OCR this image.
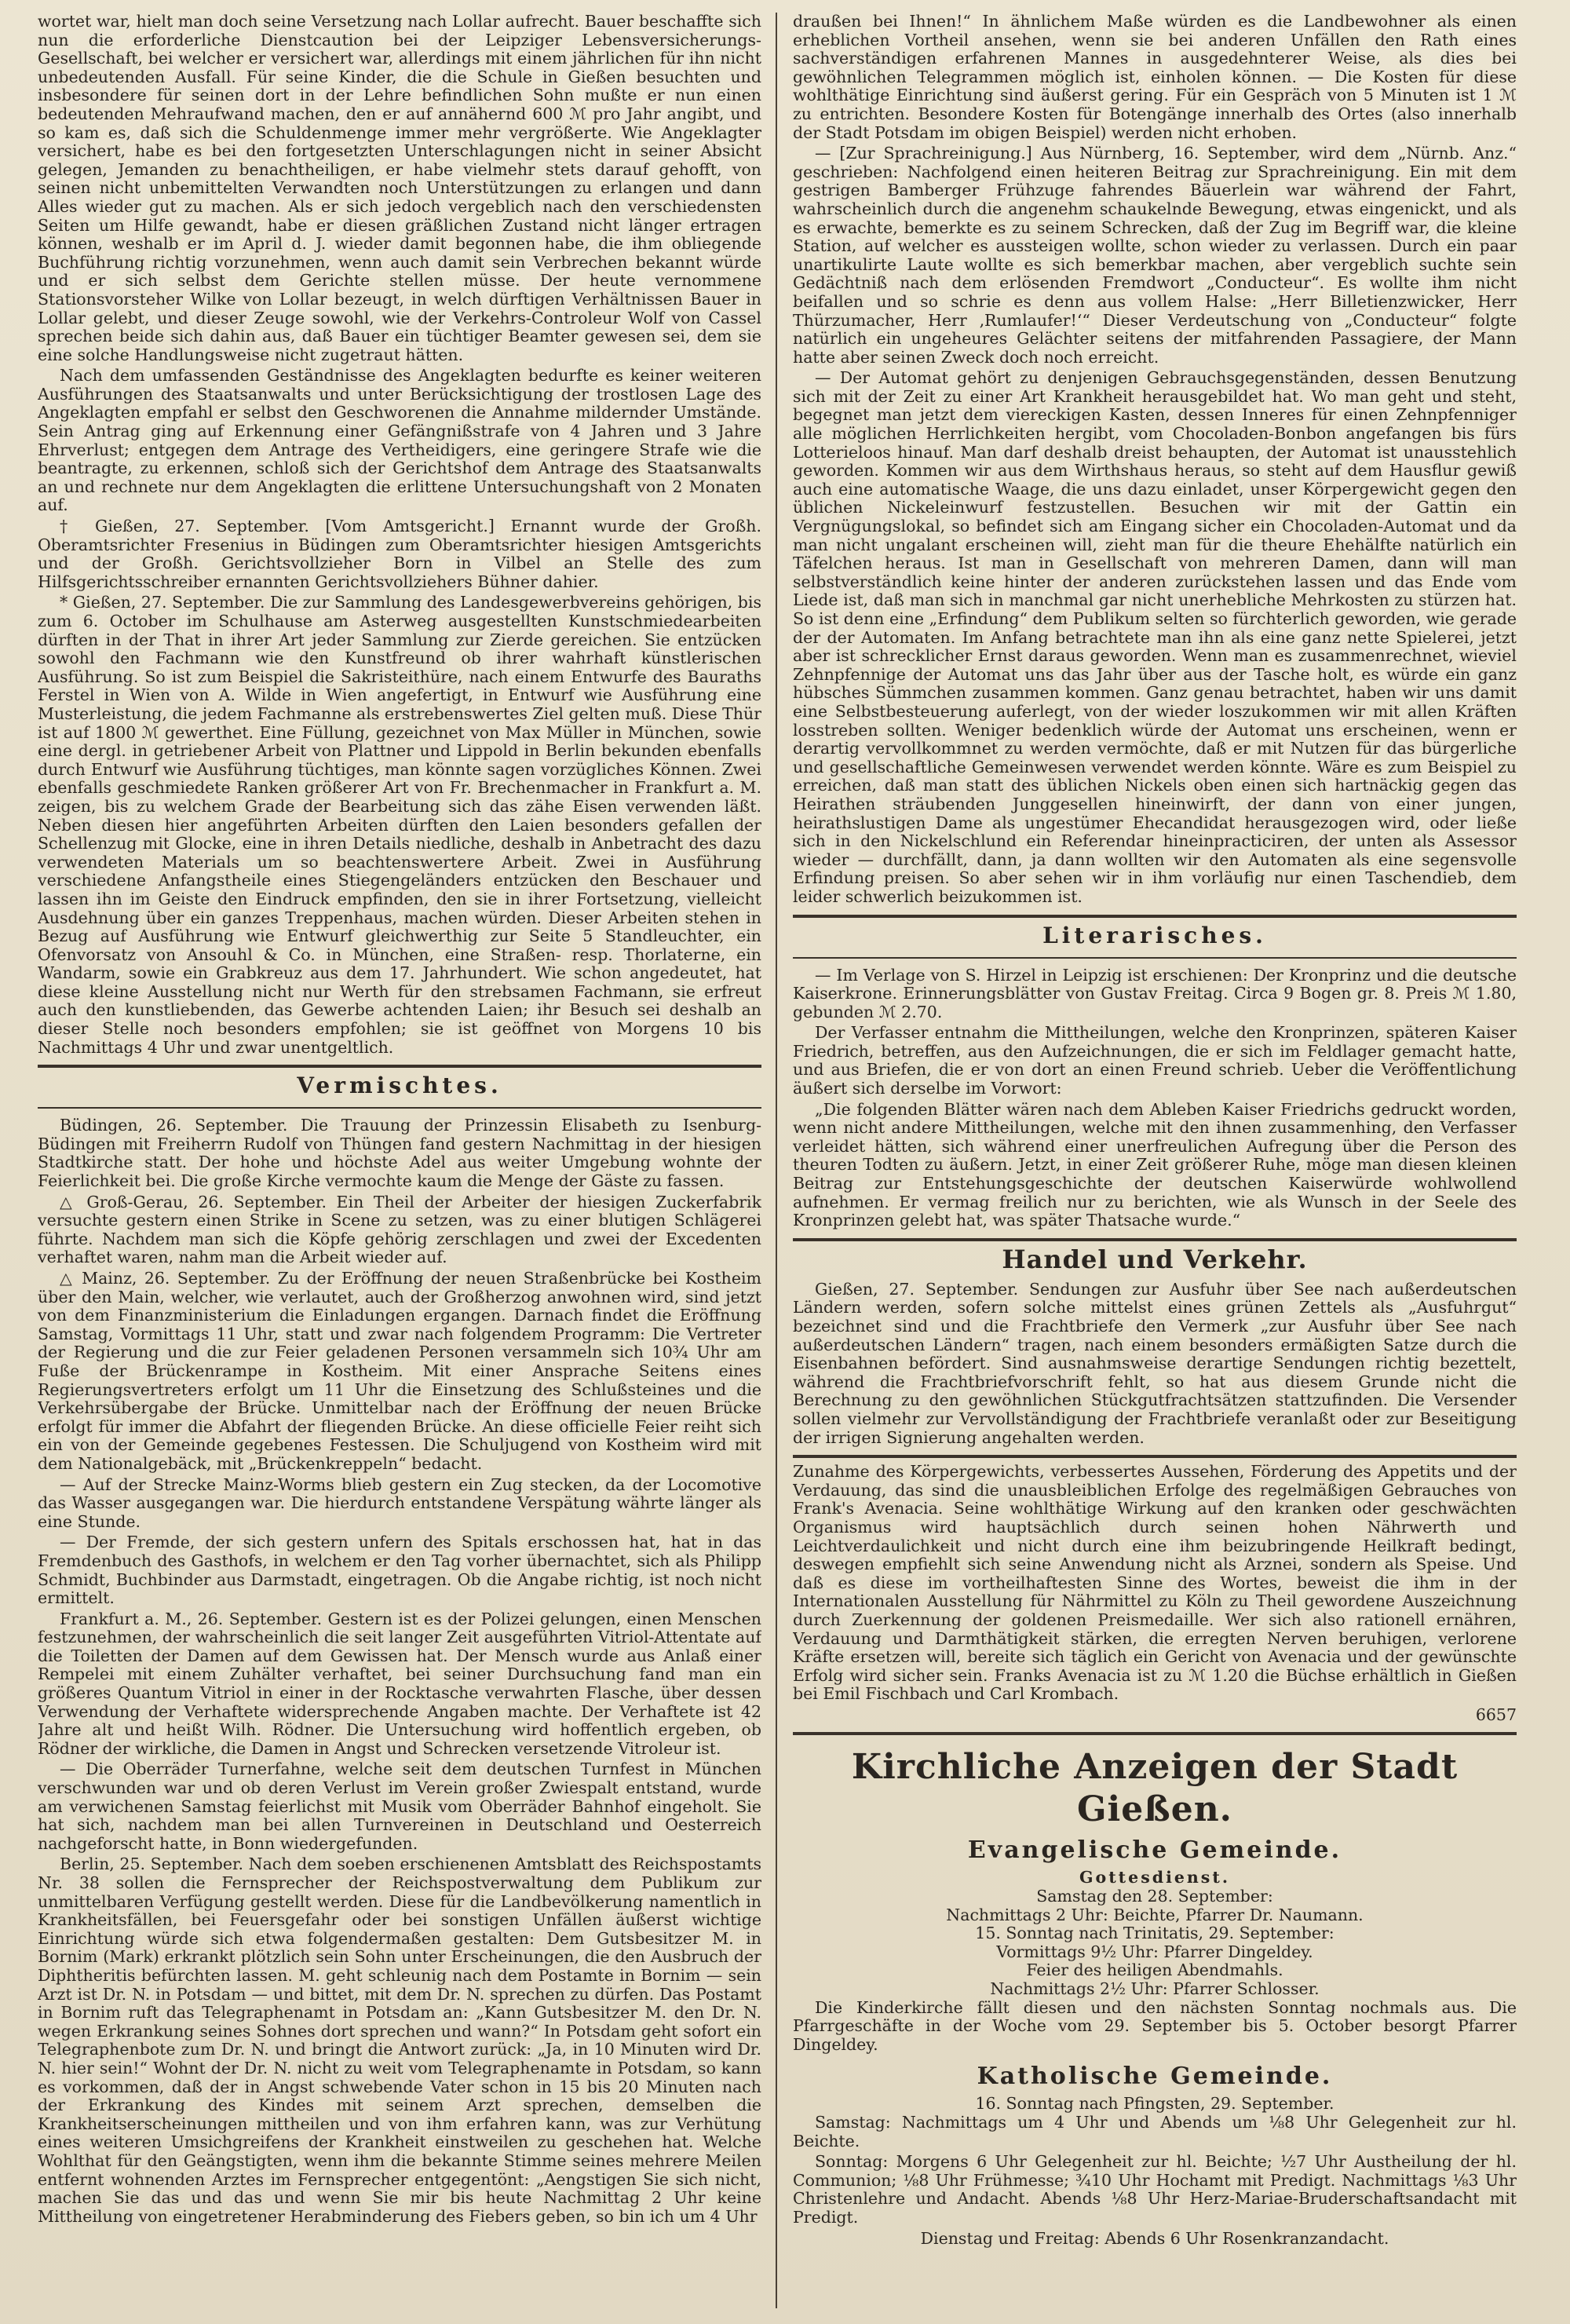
wortet war, hielt man doch seine Versetzung nach Lollar aufrecht. Bauer beschaffte sich nun die erforderliche Dienstcaution bei der Leipziger Lebensversicherungs-Gesellschaft, bei welcher er versichert war, allerdings mit einem jährlichen für ihn nicht unbedeutenden Ausfall. Für seine Kinder, die die Schule in Gießen besuchten und insbesondere für seinen dort in der Lehre befindlichen Sohn mußte er nun einen bedeutenden Mehraufwand machen, den er auf annähernd 600 ℳ pro Jahr angibt, und so kam es, daß sich die Schuldenmenge immer mehr vergrößerte. Wie Angeklagter versichert, habe es bei den fortgesetzten Unterschlagungen nicht in seiner Absicht gelegen, Jemanden zu benachtheiligen, er habe vielmehr stets darauf gehofft, von seinen nicht unbemittelten Verwandten noch Unterstützungen zu erlangen und dann Alles wieder gut zu machen. Als er sich jedoch vergeblich nach den verschiedensten Seiten um Hilfe gewandt, habe er diesen gräßlichen Zustand nicht länger ertragen können, weshalb er im April d. J. wieder damit begonnen habe, die ihm obliegende Buchführung richtig vorzunehmen, wenn auch damit sein Verbrechen bekannt würde und er sich selbst dem Gerichte stellen müsse. Der heute vernommene Stationsvorsteher Wilke von Lollar bezeugt, in welch dürftigen Verhältnissen Bauer in Lollar gelebt, und dieser Zeuge sowohl, wie der Verkehrs-Controleur Wolf von Cassel sprechen beide sich dahin aus, daß Bauer ein tüchtiger Beamter gewesen sei, dem sie eine solche Handlungsweise nicht zugetraut hätten.

Nach dem umfassenden Geständnisse des Angeklagten bedurfte es keiner weiteren Ausführungen des Staatsanwalts und unter Berücksichtigung der trostlosen Lage des Angeklagten empfahl er selbst den Geschworenen die Annahme mildernder Umstände. Sein Antrag ging auf Erkennung einer Gefängnißstrafe von 4 Jahren und 3 Jahre Ehrverlust; entgegen dem Antrage des Vertheidigers, eine geringere Strafe wie die beantragte, zu erkennen, schloß sich der Gerichtshof dem Antrage des Staatsanwalts an und rechnete nur dem Angeklagten die erlittene Untersuchungshaft von 2 Monaten auf.

† Gießen, 27. September. [Vom Amtsgericht.] Ernannt wurde der Großh. Oberamtsrichter Fresenius in Büdingen zum Oberamtsrichter hiesigen Amtsgerichts und der Großh. Gerichtsvollzieher Born in Vilbel an Stelle des zum Hilfsgerichtsschreiber ernannten Gerichtsvollziehers Bühner dahier.

* Gießen, 27. September. Die zur Sammlung des Landesgewerbvereins gehörigen, bis zum 6. October im Schulhause am Asterweg ausgestellten Kunstschmiedearbeiten dürften in der That in ihrer Art jeder Sammlung zur Zierde gereichen. Sie entzücken sowohl den Fachmann wie den Kunstfreund ob ihrer wahrhaft künstlerischen Ausführung. So ist zum Beispiel die Sakristeithüre, nach einem Entwurfe des Bauraths Ferstel in Wien von A. Wilde in Wien angefertigt, in Entwurf wie Ausführung eine Musterleistung, die jedem Fachmanne als erstrebenswertes Ziel gelten muß. Diese Thür ist auf 1800 ℳ gewerthet. Eine Füllung, gezeichnet von Max Müller in München, sowie eine dergl. in getriebener Arbeit von Plattner und Lippold in Berlin bekunden ebenfalls durch Entwurf wie Ausführung tüchtiges, man könnte sagen vorzügliches Können. Zwei ebenfalls geschmiedete Ranken größerer Art von Fr. Brechenmacher in Frankfurt a. M. zeigen, bis zu welchem Grade der Bearbeitung sich das zähe Eisen verwenden läßt. Neben diesen hier angeführten Arbeiten dürften den Laien besonders gefallen der Schellenzug mit Glocke, eine in ihren Details niedliche, deshalb in Anbetracht des dazu verwendeten Materials um so beachtenswertere Arbeit. Zwei in Ausführung verschiedene Anfangstheile eines Stiegengeländers entzücken den Beschauer und lassen ihn im Geiste den Eindruck empfinden, den sie in ihrer Fortsetzung, vielleicht Ausdehnung über ein ganzes Treppenhaus, machen würden. Dieser Arbeiten stehen in Bezug auf Ausführung wie Entwurf gleichwerthig zur Seite 5 Standleuchter, ein Ofenvorsatz von Ansouhl & Co. in München, eine Straßen- resp. Thorlaterne, ein Wandarm, sowie ein Grabkreuz aus dem 17. Jahrhundert. Wie schon angedeutet, hat diese kleine Ausstellung nicht nur Werth für den strebsamen Fachmann, sie erfreut auch den kunstliebenden, das Gewerbe achtenden Laien; ihr Besuch sei deshalb an dieser Stelle noch besonders empfohlen; sie ist geöffnet von Morgens 10 bis Nachmittags 4 Uhr und zwar unentgeltlich.

Vermischtes.

Büdingen, 26. September. Die Trauung der Prinzessin Elisabeth zu Isenburg-Büdingen mit Freiherrn Rudolf von Thüngen fand gestern Nachmittag in der hiesigen Stadtkirche statt. Der hohe und höchste Adel aus weiter Umgebung wohnte der Feierlichkeit bei. Die große Kirche vermochte kaum die Menge der Gäste zu fassen.

△ Groß-Gerau, 26. September. Ein Theil der Arbeiter der hiesigen Zuckerfabrik versuchte gestern einen Strike in Scene zu setzen, was zu einer blutigen Schlägerei führte. Nachdem man sich die Köpfe gehörig zerschlagen und zwei der Excedenten verhaftet waren, nahm man die Arbeit wieder auf.

△ Mainz, 26. September. Zu der Eröffnung der neuen Straßenbrücke bei Kostheim über den Main, welcher, wie verlautet, auch der Großherzog anwohnen wird, sind jetzt von dem Finanzministerium die Einladungen ergangen. Darnach findet die Eröffnung Samstag, Vormittags 11 Uhr, statt und zwar nach folgendem Programm: Die Vertreter der Regierung und die zur Feier geladenen Personen versammeln sich 10¾ Uhr am Fuße der Brückenrampe in Kostheim. Mit einer Ansprache Seitens eines Regierungsvertreters erfolgt um 11 Uhr die Einsetzung des Schlußsteines und die Verkehrsübergabe der Brücke. Unmittelbar nach der Eröffnung der neuen Brücke erfolgt für immer die Abfahrt der fliegenden Brücke. An diese officielle Feier reiht sich ein von der Gemeinde gegebenes Festessen. Die Schuljugend von Kostheim wird mit dem Nationalgebäck, mit „Brückenkreppeln“ bedacht.

— Auf der Strecke Mainz-Worms blieb gestern ein Zug stecken, da der Locomotive das Wasser ausgegangen war. Die hierdurch entstandene Verspätung währte länger als eine Stunde.

— Der Fremde, der sich gestern unfern des Spitals erschossen hat, hat in das Fremdenbuch des Gasthofs, in welchem er den Tag vorher übernachtet, sich als Philipp Schmidt, Buchbinder aus Darmstadt, eingetragen. Ob die Angabe richtig, ist noch nicht ermittelt.

Frankfurt a. M., 26. September. Gestern ist es der Polizei gelungen, einen Menschen festzunehmen, der wahrscheinlich die seit langer Zeit ausgeführten Vitriol-Attentate auf die Toiletten der Damen auf dem Gewissen hat. Der Mensch wurde aus Anlaß einer Rempelei mit einem Zuhälter verhaftet, bei seiner Durchsuchung fand man ein größeres Quantum Vitriol in einer in der Rocktasche verwahrten Flasche, über dessen Verwendung der Verhaftete widersprechende Angaben machte. Der Verhaftete ist 42 Jahre alt und heißt Wilh. Rödner. Die Untersuchung wird hoffentlich ergeben, ob Rödner der wirkliche, die Damen in Angst und Schrecken versetzende Vitroleur ist.

— Die Oberräder Turnerfahne, welche seit dem deutschen Turnfest in München verschwunden war und ob deren Verlust im Verein großer Zwiespalt entstand, wurde am verwichenen Samstag feierlichst mit Musik vom Oberräder Bahnhof eingeholt. Sie hat sich, nachdem man bei allen Turnvereinen in Deutschland und Oesterreich nachgeforscht hatte, in Bonn wiedergefunden.

Berlin, 25. September. Nach dem soeben erschienenen Amtsblatt des Reichspostamts Nr. 38 sollen die Fernsprecher der Reichspostverwaltung dem Publikum zur unmittelbaren Verfügung gestellt werden. Diese für die Landbevölkerung namentlich in Krankheitsfällen, bei Feuersgefahr oder bei sonstigen Unfällen äußerst wichtige Einrichtung würde sich etwa folgendermaßen gestalten: Dem Gutsbesitzer M. in Bornim (Mark) erkrankt plötzlich sein Sohn unter Erscheinungen, die den Ausbruch der Diphtheritis befürchten lassen. M. geht schleunig nach dem Postamte in Bornim — sein Arzt ist Dr. N. in Potsdam — und bittet, mit dem Dr. N. sprechen zu dürfen. Das Postamt in Bornim ruft das Telegraphenamt in Potsdam an: „Kann Gutsbesitzer M. den Dr. N. wegen Erkrankung seines Sohnes dort sprechen und wann?“ In Potsdam geht sofort ein Telegraphenbote zum Dr. N. und bringt die Antwort zurück: „Ja, in 10 Minuten wird Dr. N. hier sein!“ Wohnt der Dr. N. nicht zu weit vom Telegraphenamte in Potsdam, so kann es vorkommen, daß der in Angst schwebende Vater schon in 15 bis 20 Minuten nach der Erkrankung des Kindes mit seinem Arzt sprechen, demselben die Krankheitserscheinungen mittheilen und von ihm erfahren kann, was zur Verhütung eines weiteren Umsichgreifens der Krankheit einstweilen zu geschehen hat. Welche Wohlthat für den Geängstigten, wenn ihm die bekannte Stimme seines mehrere Meilen entfernt wohnenden Arztes im Fernsprecher entgegentönt: „Aengstigen Sie sich nicht, machen Sie das und das und wenn Sie mir bis heute Nachmittag 2 Uhr keine Mittheilung von eingetretener Herabminderung des Fiebers geben, so bin ich um 4 Uhr

draußen bei Ihnen!“ In ähnlichem Maße würden es die Landbewohner als einen erheblichen Vortheil ansehen, wenn sie bei anderen Unfällen den Rath eines sachverständigen erfahrenen Mannes in ausgedehnterer Weise, als dies bei gewöhnlichen Telegrammen möglich ist, einholen können. — Die Kosten für diese wohlthätige Einrichtung sind äußerst gering. Für ein Gespräch von 5 Minuten ist 1 ℳ zu entrichten. Besondere Kosten für Botengänge innerhalb des Ortes (also innerhalb der Stadt Potsdam im obigen Beispiel) werden nicht erhoben.

— [Zur Sprachreinigung.] Aus Nürnberg, 16. September, wird dem „Nürnb. Anz.“ geschrieben: Nachfolgend einen heiteren Beitrag zur Sprachreinigung. Ein mit dem gestrigen Bamberger Frühzuge fahrendes Bäuerlein war während der Fahrt, wahrscheinlich durch die angenehm schaukelnde Bewegung, etwas eingenickt, und als es erwachte, bemerkte es zu seinem Schrecken, daß der Zug im Begriff war, die kleine Station, auf welcher es aussteigen wollte, schon wieder zu verlassen. Durch ein paar unartikulirte Laute wollte es sich bemerkbar machen, aber vergeblich suchte sein Gedächtniß nach dem erlösenden Fremdwort „Conducteur“. Es wollte ihm nicht beifallen und so schrie es denn aus vollem Halse: „Herr Billetienzwicker, Herr Thürzumacher, Herr ‚Rumlaufer!‘“ Dieser Verdeutschung von „Conducteur“ folgte natürlich ein ungeheures Gelächter seitens der mitfahrenden Passagiere, der Mann hatte aber seinen Zweck doch noch erreicht.

— Der Automat gehört zu denjenigen Gebrauchsgegenständen, dessen Benutzung sich mit der Zeit zu einer Art Krankheit herausgebildet hat. Wo man geht und steht, begegnet man jetzt dem viereckigen Kasten, dessen Inneres für einen Zehnpfenniger alle möglichen Herrlichkeiten hergibt, vom Chocoladen-Bonbon angefangen bis fürs Lotterieloos hinauf. Man darf deshalb dreist behaupten, der Automat ist unausstehlich geworden. Kommen wir aus dem Wirthshaus heraus, so steht auf dem Hausflur gewiß auch eine automatische Waage, die uns dazu einladet, unser Körpergewicht gegen den üblichen Nickeleinwurf festzustellen. Besuchen wir mit der Gattin ein Vergnügungslokal, so befindet sich am Eingang sicher ein Chocoladen-Automat und da man nicht ungalant erscheinen will, zieht man für die theure Ehehälfte natürlich ein Täfelchen heraus. Ist man in Gesellschaft von mehreren Damen, dann will man selbstverständlich keine hinter der anderen zurückstehen lassen und das Ende vom Liede ist, daß man sich in manchmal gar nicht unerhebliche Mehrkosten zu stürzen hat. So ist denn eine „Erfindung“ dem Publikum selten so fürchterlich geworden, wie gerade der der Automaten. Im Anfang betrachtete man ihn als eine ganz nette Spielerei, jetzt aber ist schrecklicher Ernst daraus geworden. Wenn man es zusammenrechnet, wieviel Zehnpfennige der Automat uns das Jahr über aus der Tasche holt, es würde ein ganz hübsches Sümmchen zusammen kommen. Ganz genau betrachtet, haben wir uns damit eine Selbstbesteuerung auferlegt, von der wieder loszukommen wir mit allen Kräften losstreben sollten. Weniger bedenklich würde der Automat uns erscheinen, wenn er derartig vervollkommnet zu werden vermöchte, daß er mit Nutzen für das bürgerliche und gesellschaftliche Gemeinwesen verwendet werden könnte. Wäre es zum Beispiel zu erreichen, daß man statt des üblichen Nickels oben einen sich hartnäckig gegen das Heirathen sträubenden Junggesellen hineinwirft, der dann von einer jungen, heirathslustigen Dame als ungestümer Ehecandidat herausgezogen wird, oder ließe sich in den Nickelschlund ein Referendar hineinpracticiren, der unten als Assessor wieder — durchfällt, dann, ja dann wollten wir den Automaten als eine segensvolle Erfindung preisen. So aber sehen wir in ihm vorläufig nur einen Taschendieb, dem leider schwerlich beizukommen ist.

Literarisches.

— Im Verlage von S. Hirzel in Leipzig ist erschienen: Der Kronprinz und die deutsche Kaiserkrone. Erinnerungsblätter von Gustav Freitag. Circa 9 Bogen gr. 8. Preis ℳ 1.80, gebunden ℳ 2.70.

Der Verfasser entnahm die Mittheilungen, welche den Kronprinzen, späteren Kaiser Friedrich, betreffen, aus den Aufzeichnungen, die er sich im Feldlager gemacht hatte, und aus Briefen, die er von dort an einen Freund schrieb. Ueber die Veröffentlichung äußert sich derselbe im Vorwort:

„Die folgenden Blätter wären nach dem Ableben Kaiser Friedrichs gedruckt worden, wenn nicht andere Mittheilungen, welche mit den ihnen zusammenhing, den Verfasser verleidet hätten, sich während einer unerfreulichen Aufregung über die Person des theuren Todten zu äußern. Jetzt, in einer Zeit größerer Ruhe, möge man diesen kleinen Beitrag zur Entstehungsgeschichte der deutschen Kaiserwürde wohlwollend aufnehmen. Er vermag freilich nur zu berichten, wie als Wunsch in der Seele des Kronprinzen gelebt hat, was später Thatsache wurde.“

Handel und Verkehr.

Gießen, 27. September. Sendungen zur Ausfuhr über See nach außerdeutschen Ländern werden, sofern solche mittelst eines grünen Zettels als „Ausfuhrgut“ bezeichnet sind und die Frachtbriefe den Vermerk „zur Ausfuhr über See nach außerdeutschen Ländern“ tragen, nach einem besonders ermäßigten Satze durch die Eisenbahnen befördert. Sind ausnahmsweise derartige Sendungen richtig bezettelt, während die Frachtbriefvorschrift fehlt, so hat aus diesem Grunde nicht die Berechnung zu den gewöhnlichen Stückgutfrachtsätzen stattzufinden. Die Versender sollen vielmehr zur Vervollständigung der Frachtbriefe veranlaßt oder zur Beseitigung der irrigen Signierung angehalten werden.

Zunahme des Körpergewichts, verbessertes Aussehen, Förderung des Appetits und der Verdauung, das sind die unausbleiblichen Erfolge des regelmäßigen Gebrauches von Frank's Avenacia. Seine wohlthätige Wirkung auf den kranken oder geschwächten Organismus wird hauptsächlich durch seinen hohen Nährwerth und Leichtverdaulichkeit und nicht durch eine ihm beizubringende Heilkraft bedingt, deswegen empfiehlt sich seine Anwendung nicht als Arznei, sondern als Speise. Und daß es diese im vortheilhaftesten Sinne des Wortes, beweist die ihm in der Internationalen Ausstellung für Nährmittel zu Köln zu Theil gewordene Auszeichnung durch Zuerkennung der goldenen Preismedaille. Wer sich also rationell ernähren, Verdauung und Darmthätigkeit stärken, die erregten Nerven beruhigen, verlorene Kräfte ersetzen will, bereite sich täglich ein Gericht von Avenacia und der gewünschte Erfolg wird sicher sein. Franks Avenacia ist zu ℳ 1.20 die Büchse erhältlich in Gießen bei Emil Fischbach und Carl Krombach.

6657

Kirchliche Anzeigen der Stadt Gießen.
Evangelische Gemeinde.

Gottesdienst.

Samstag den 28. September:

Nachmittags 2 Uhr: Beichte, Pfarrer Dr. Naumann.

15. Sonntag nach Trinitatis, 29. September:

Vormittags 9½ Uhr: Pfarrer Dingeldey.

Feier des heiligen Abendmahls.

Nachmittags 2½ Uhr: Pfarrer Schlosser.

Die Kinderkirche fällt diesen und den nächsten Sonntag nochmals aus. Die Pfarrgeschäfte in der Woche vom 29. September bis 5. October besorgt Pfarrer Dingeldey.

Katholische Gemeinde.

16. Sonntag nach Pfingsten, 29. September.

Samstag: Nachmittags um 4 Uhr und Abends um ⅛8 Uhr Gelegenheit zur hl. Beichte.

Sonntag: Morgens 6 Uhr Gelegenheit zur hl. Beichte; ½7 Uhr Austheilung der hl. Communion; ⅛8 Uhr Frühmesse; ¾10 Uhr Hochamt mit Predigt. Nachmittags ⅛3 Uhr Christenlehre und Andacht. Abends ⅛8 Uhr Herz-Mariae-Bruderschaftsandacht mit Predigt.

Dienstag und Freitag: Abends 6 Uhr Rosenkranzandacht.
